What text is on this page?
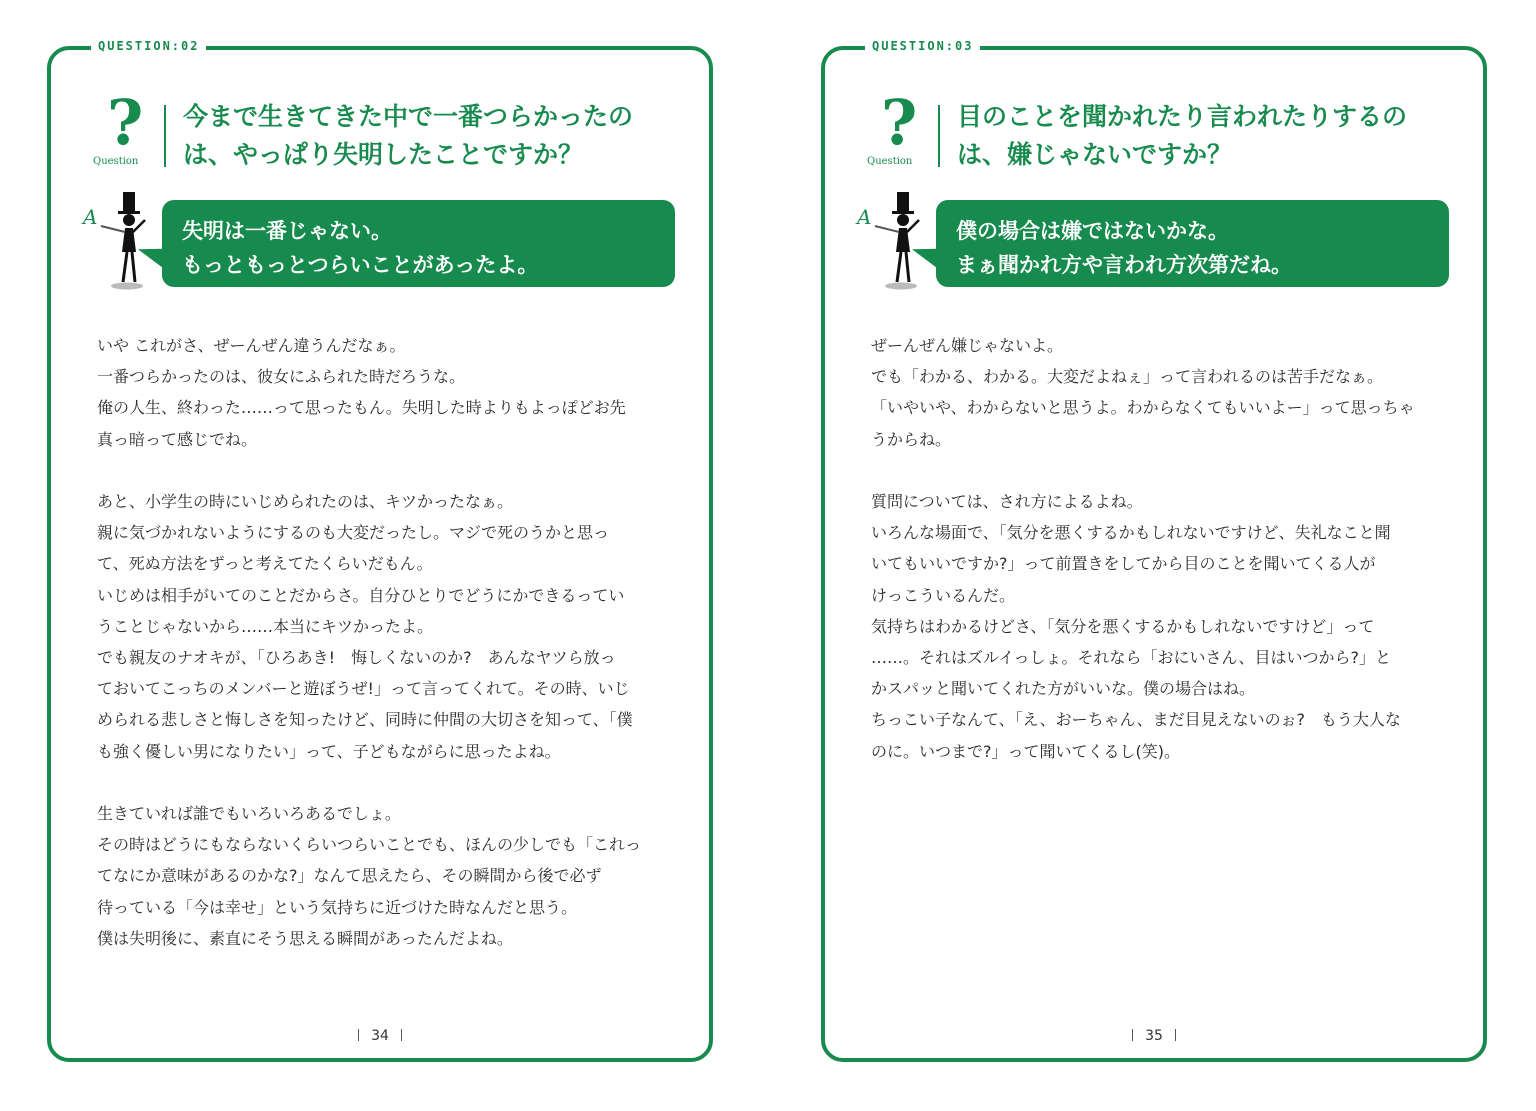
QUESTION:02
?
Question
今まで生きてきた中で一番つらかったの
は、やっぱり失明したことですか？
A
失明は一番じゃない。
もっともっとつらいことがあったよ。
いや これがさ、ぜーんぜん違うんだなぁ。
一番つらかったのは、彼女にふられた時だろうな。
俺の人生、終わった……って思ったもん。失明した時よりもよっぽどお先
真っ暗って感じでね。
あと、小学生の時にいじめられたのは、キツかったなぁ。
親に気づかれないようにするのも大変だったし。マジで死のうかと思っ
て、死ぬ方法をずっと考えてたくらいだもん。
いじめは相手がいてのことだからさ。自分ひとりでどうにかできるってい
うことじゃないから……本当にキツかったよ。
でも親友のナオキが、「ひろあき!　悔しくないのか?　あんなヤツら放っ
ておいてこっちのメンバーと遊ぼうぜ!」って言ってくれて。その時、いじ
められる悲しさと悔しさを知ったけど、同時に仲間の大切さを知って、「僕
も強く優しい男になりたい」って、子どもながらに思ったよね。
生きていれば誰でもいろいろあるでしょ。
その時はどうにもならないくらいつらいことでも、ほんの少しでも「これっ
てなにか意味があるのかな?」なんて思えたら、その瞬間から後で必ず
待っている「今は幸せ」という気持ちに近づけた時なんだと思う。
僕は失明後に、素直にそう思える瞬間があったんだよね。
34
QUESTION:03
?
Question
目のことを聞かれたり言われたりするの
は、嫌じゃないですか？
A
僕の場合は嫌ではないかな。
まぁ聞かれ方や言われ方次第だね。
ぜーんぜん嫌じゃないよ。
でも「わかる、わかる。大変だよねぇ」って言われるのは苦手だなぁ。
「いやいや、わからないと思うよ。わからなくてもいいよー」って思っちゃ
うからね。
質問については、され方によるよね。
いろんな場面で、「気分を悪くするかもしれないですけど、失礼なこと聞
いてもいいですか?」って前置きをしてから目のことを聞いてくる人が
けっこういるんだ。
気持ちはわかるけどさ、「気分を悪くするかもしれないですけど」って
……。それはズルイっしょ。それなら「おにいさん、目はいつから?」と
かスパッと聞いてくれた方がいいな。僕の場合はね。
ちっこい子なんて、「え、おーちゃん、まだ目見えないのぉ?　もう大人な
のに。いつまで?」って聞いてくるし(笑)。
35
